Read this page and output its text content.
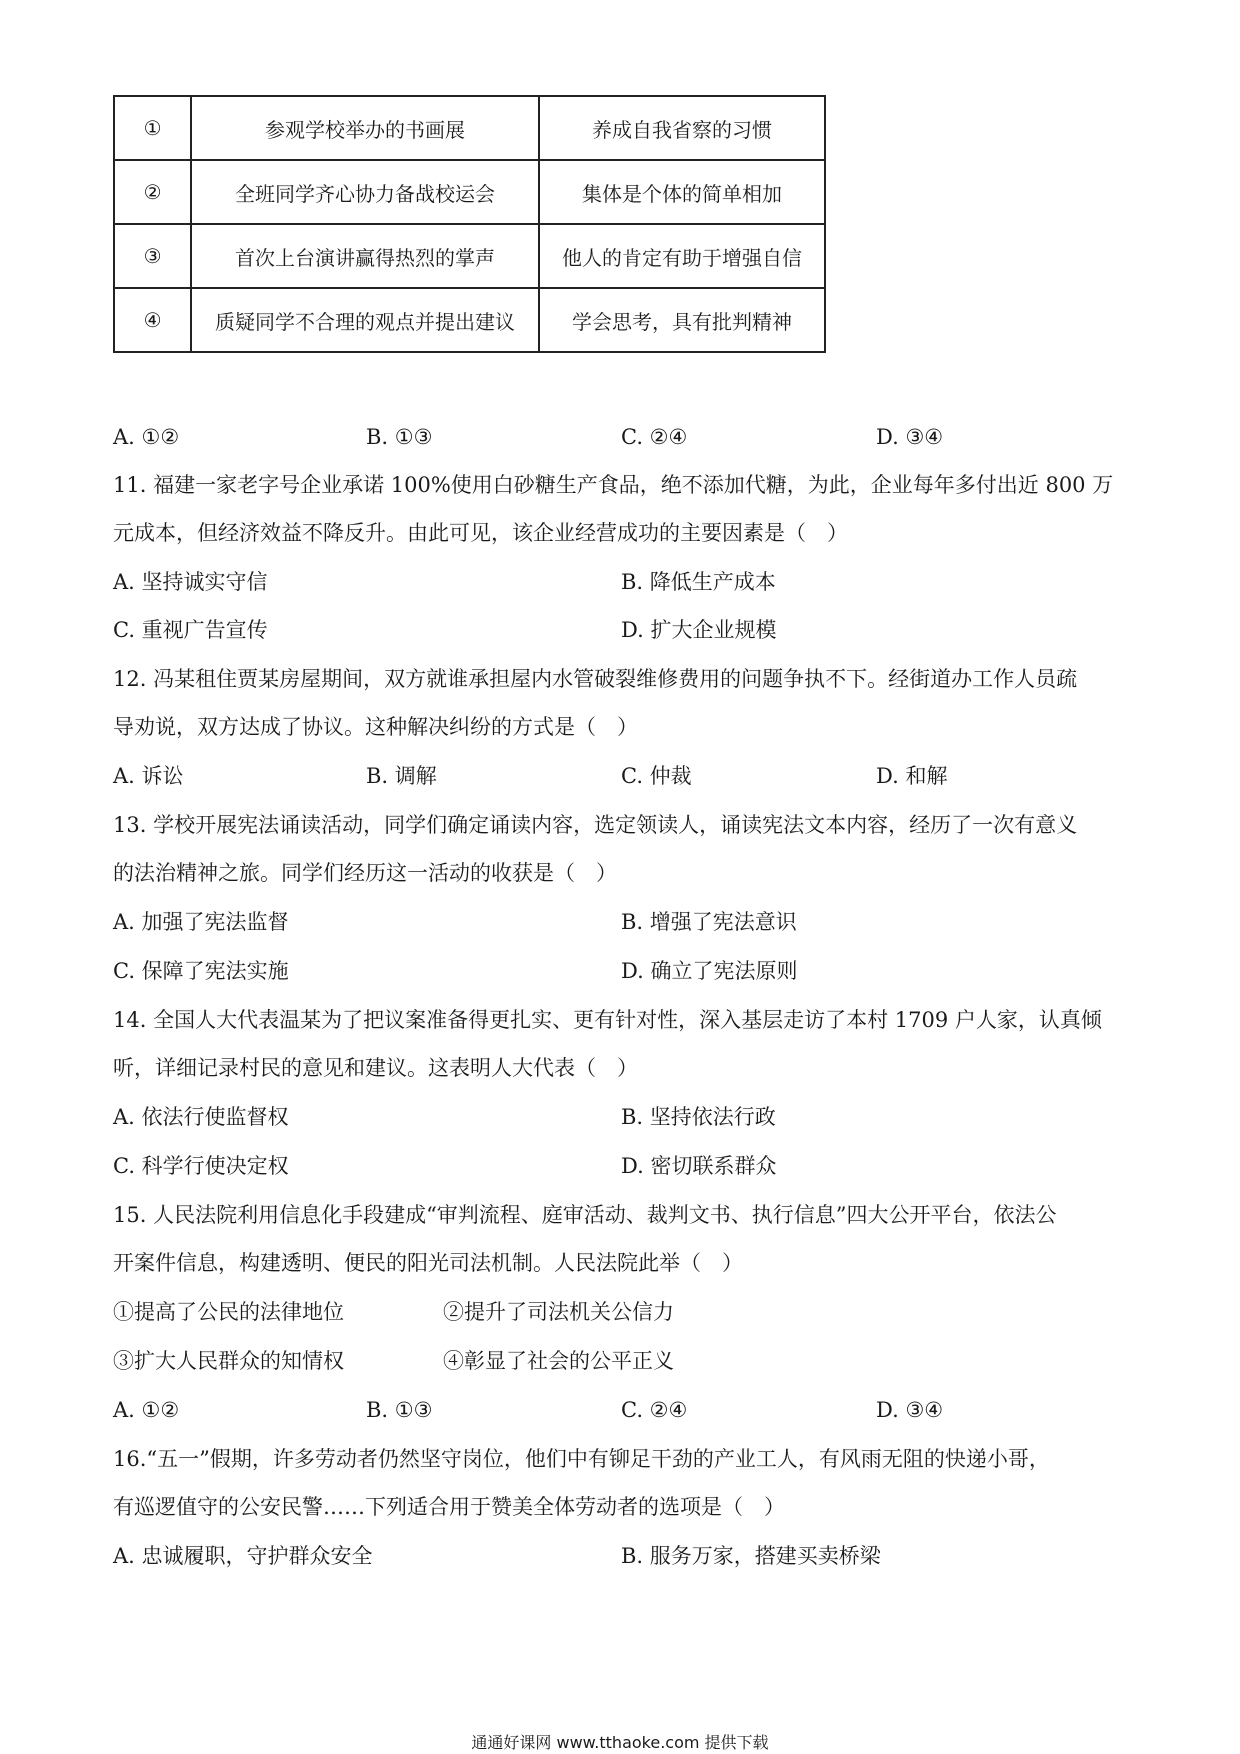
①	参观学校举办的书画展	养成自我省察的习惯
②	全班同学齐心协力备战校运会	集体是个体的简单相加
③	首次上台演讲赢得热烈的掌声	他人的肯定有助于增强自信
④	质疑同学不合理的观点并提出建议	学会思考，具有批判精神
A. ①②	B. ①③	C. ②④	D. ③④
11. 福建一家老字号企业承诺 100%使用白砂糖生产食品，绝不添加代糖，为此，企业每年多付出近 800 万
元成本，但经济效益不降反升。由此可见，该企业经营成功的主要因素是（　）
A. 坚持诚实守信	B. 降低生产成本
C. 重视广告宣传	D. 扩大企业规模
12. 冯某租住贾某房屋期间，双方就谁承担屋内水管破裂维修费用的问题争执不下。经街道办工作人员疏
导劝说，双方达成了协议。这种解决纠纷的方式是（　）
A. 诉讼	B. 调解	C. 仲裁	D. 和解
13. 学校开展宪法诵读活动，同学们确定诵读内容，选定领读人，诵读宪法文本内容，经历了一次有意义
的法治精神之旅。同学们经历这一活动的收获是（　）
A. 加强了宪法监督	B. 增强了宪法意识
C. 保障了宪法实施	D. 确立了宪法原则
14. 全国人大代表温某为了把议案准备得更扎实、更有针对性，深入基层走访了本村 1709 户人家，认真倾
听，详细记录村民的意见和建议。这表明人大代表（　）
A. 依法行使监督权	B. 坚持依法行政
C. 科学行使决定权	D. 密切联系群众
15. 人民法院利用信息化手段建成“审判流程、庭审活动、裁判文书、执行信息”四大公开平台，依法公
开案件信息，构建透明、便民的阳光司法机制。人民法院此举（　）
①提高了公民的法律地位	②提升了司法机关公信力
③扩大人民群众的知情权	④彰显了社会的公平正义
A. ①②	B. ①③	C. ②④	D. ③④
16.“五一”假期，许多劳动者仍然坚守岗位，他们中有铆足干劲的产业工人，有风雨无阻的快递小哥，
有巡逻值守的公安民警……下列适合用于赞美全体劳动者的选项是（　）
A. 忠诚履职，守护群众安全	B. 服务万家，搭建买卖桥梁
通通好课网 www.tthaoke.com 提供下载
